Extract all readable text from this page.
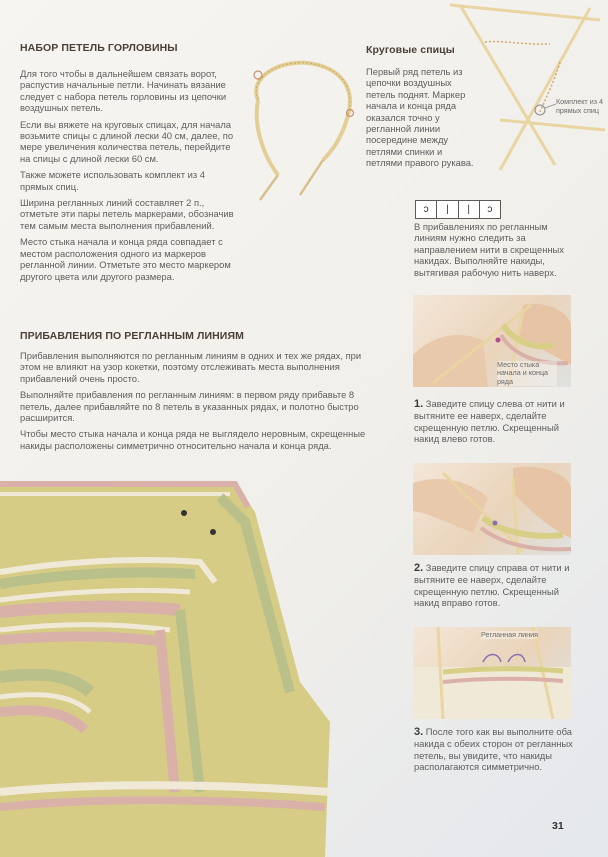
НАБОР ПЕТЕЛЬ ГОРЛОВИНЫ

Для того чтобы в дальнейшем связать ворот, распустив начальные петли. Начинать вязание следует с набора петель горловины из цепочки воздушных петель.

Если вы вяжете на круговых спицах, для начала возьмите спицы с длиной лески 40 см, далее, по мере увеличения количества петель, перейдите на спицы с длиной лески 60 см.

Также можете использовать комплект из 4 прямых спиц.

Ширина регланных линий составляет 2 п., отметьте эти пары петель маркерами, обозначив тем самым места выполнения прибавлений.

Место стыка начала и конца ряда совпадает с местом расположения одного из маркеров регланной линии. Отметьте это место маркером другого цвета или другого размера.

Круговые спицы

Первый ряд петель из цепочки воздушных петель поднят. Маркер начала и конца ряда оказался точно у регланной линии посередине между петлями спинки и петлями правого рукава.

Комплект из 4 прямых спиц
ↄ	|	|	ɔ

В прибавлениях по регланным линиям нужно следить за направлением нити в скрещенных накидах. Выполняйте накиды, вытягивая рабочую нить наверх.

Место стыка начала и конца ряда
1. Заведите спицу слева от нити и вытяните ее наверх, сделайте скрещенную петлю. Скрещенный накид влево готов.
2. Заведите спицу справа от нити и вытяните ее наверх, сделайте скрещенную петлю. Скрещенный накид вправо готов.
Регланная линия
3. После того как вы выполните оба накида с обеих сторон от регланных петель, вы увидите, что накиды располагаются симметрично.
ПРИБАВЛЕНИЯ ПО РЕГЛАННЫМ ЛИНИЯМ

Прибавления выполняются по регланным линиям в одних и тех же рядах, при этом не влияют на узор кокетки, поэтому отслеживать места выполнения прибавлений очень просто.

Выполняйте прибавления по регланным линиям: в первом ряду прибавьте 8 петель, далее прибавляйте по 8 петель в указанных рядах, и полотно быстро расширится.

Чтобы место стыка начала и конца ряда не выглядело неровным, скрещенные накиды расположены симметрично относительно начала и конца ряда.

31
